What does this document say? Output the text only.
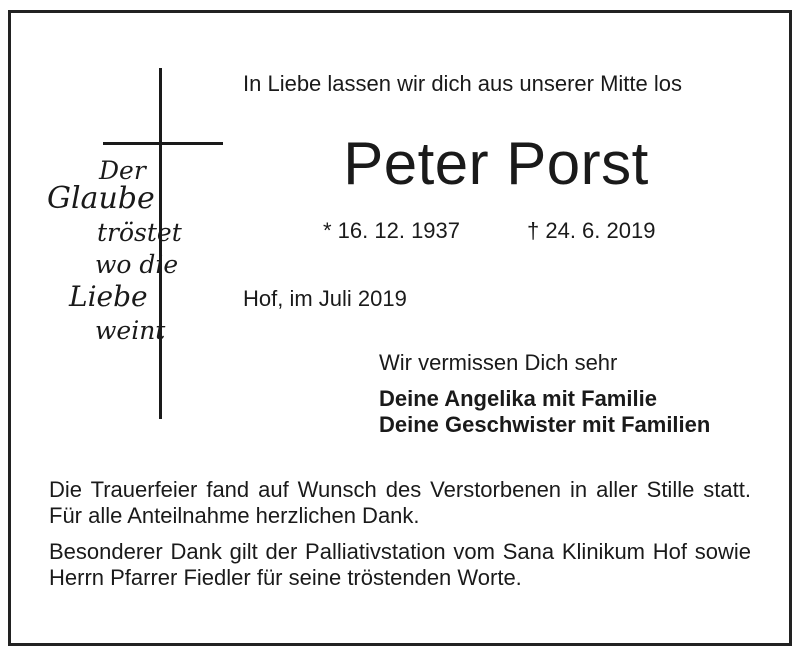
Der

Glaube

tröstet

wo die

Liebe

weint

In Liebe lassen wir dich aus unserer Mitte los
Peter Porst
* 16. 12. 1937	† 24. 6. 2019
Hof, im Juli 2019
Wir vermissen Dich sehr
Deine Angelika mit Familie
Deine Geschwister mit Familien
Die Trauerfeier fand auf Wunsch des Verstorbenen in aller Stille statt. Für alle Anteilnahme herzlichen Dank.
Besonderer Dank gilt der Palliativstation vom Sana Klinikum Hof sowie Herrn Pfarrer Fiedler für seine tröstenden Worte.
